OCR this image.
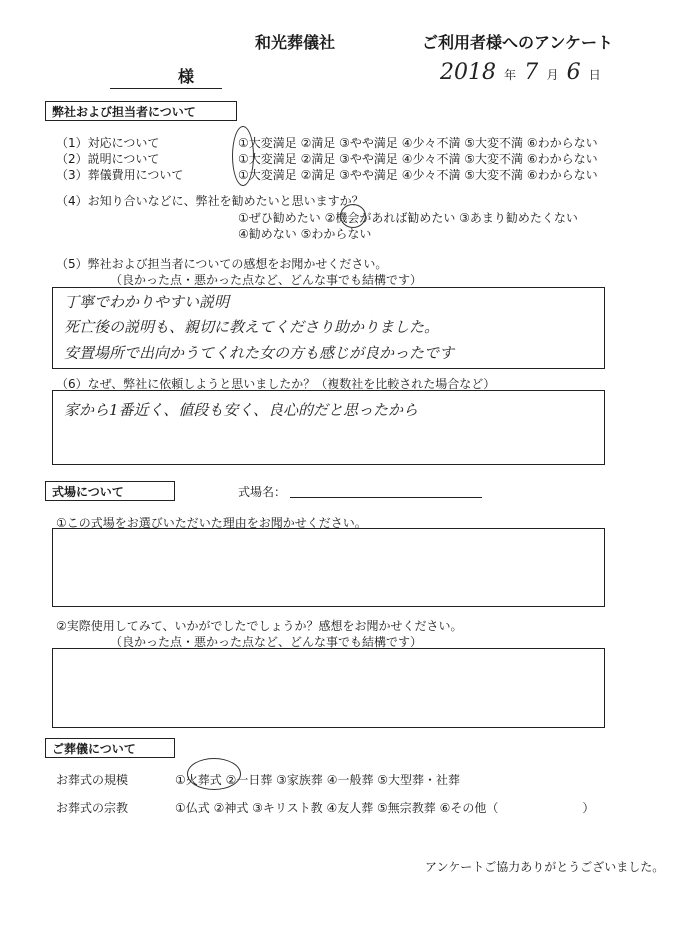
和光葬儀社	ご利用者様へのアンケート
様	2018 年 7 月 6 日
弊社および担当者について
（1）対応について	①大変満足 ②満足 ③やや満足 ④少々不満 ⑤大変不満 ⑥わからない
（2）説明について	①大変満足 ②満足 ③やや満足 ④少々不満 ⑤大変不満 ⑥わからない
（3）葬儀費用について	①大変満足 ②満足 ③やや満足 ④少々不満 ⑤大変不満 ⑥わからない
（4）お知り合いなどに、弊社を勧めたいと思いますか？
①ぜひ勧めたい ②機会があれば勧めたい ③あまり勧めたくない
④勧めない ⑤わからない
（5）弊社および担当者についての感想をお聞かせください。
（良かった点・悪かった点など、どんな事でも結構です）
丁寧でわかりやすい説明
死亡後の説明も、親切に教えてくださり助かりました。
安置場所で出向かうてくれた女の方も感じが良かったです
（6）なぜ、弊社に依頼しようと思いましたか？（複数社を比較された場合など）
家から1番近く、値段も安く、良心的だと思ったから
式場について	式場名：
①この式場をお選びいただいた理由をお聞かせください。
②実際使用してみて、いかがでしたでしょうか？感想をお聞かせください。
（良かった点・悪かった点など、どんな事でも結構です）
ご葬儀について
お葬式の規模	①火葬式 ②一日葬 ③家族葬 ④一般葬 ⑤大型葬・社葬
お葬式の宗教	①仏式 ②神式 ③キリスト教 ④友人葬 ⑤無宗教葬 ⑥その他（　　　　　　　）
アンケートご協力ありがとうございました。
